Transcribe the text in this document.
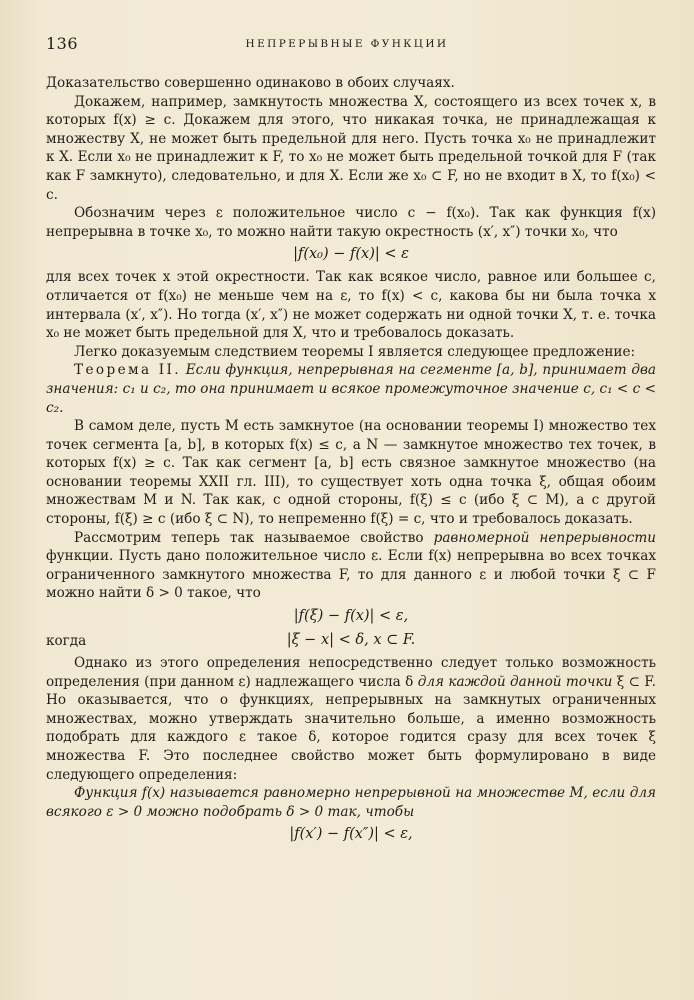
136	НЕПРЕРЫВНЫЕ ФУНКЦИИ

Доказательство совершенно одинаково в обоих случаях.

Докажем, например, замкнутость множества X, состоящего из всех точек x, в которых f(x) ≥ c. Докажем для этого, что никакая точка, не принадлежащая к множеству X, не может быть предельной для него. Пусть точка x₀ не принадлежит к X. Если x₀ не принадлежит к F, то x₀ не может быть предельной точкой для F (так как F замкнуто), следовательно, и для X. Если же x₀ ⊂ F, но не входит в X, то f(x₀) < c.

Обозначим через ε положительное число c − f(x₀). Так как функция f(x) непрерывна в точке x₀, то можно найти такую окрестность (x′, x″) точки x₀, что

|f(x₀) − f(x)| < ε

для всех точек x этой окрестности. Так как всякое число, равное или большее c, отличается от f(x₀) не меньше чем на ε, то f(x) < c, какова бы ни была точка x интервала (x′, x″). Но тогда (x′, x″) не может содержать ни одной точки X, т. е. точка x₀ не может быть предельной для X, что и требовалось доказать.

Легко доказуемым следствием теоремы I является следующее предложение:

Теорема II. Если функция, непрерывная на сегменте [a, b], принимает два значения: c₁ и c₂, то она принимает и всякое промежуточное значение c, c₁ < c < c₂.

В самом деле, пусть M есть замкнутое (на основании теоремы I) множество тех точек сегмента [a, b], в которых f(x) ≤ c, а N — замкнутое множество тех точек, в которых f(x) ≥ c. Так как сегмент [a, b] есть связное замкнутое множество (на основании теоремы XXII гл. III), то существует хоть одна точка ξ, общая обоим множествам M и N. Так как, с одной стороны, f(ξ) ≤ c (ибо ξ ⊂ M), а с другой стороны, f(ξ) ≥ c (ибо ξ ⊂ N), то непременно f(ξ) = c, что и требовалось доказать.

Рассмотрим теперь так называемое свойство равномерной непрерывности функции. Пусть дано положительное число ε. Если f(x) непрерывна во всех точках ограниченного замкнутого множества F, то для данного ε и любой точки ξ ⊂ F можно найти δ > 0 такое, что

|f(ξ) − f(x)| < ε,

когда	|ξ − x| < δ, x ⊂ F.

Однако из этого определения непосредственно следует только возможность определения (при данном ε) надлежащего числа δ для каждой данной точки ξ ⊂ F. Но оказывается, что о функциях, непрерывных на замкнутых ограниченных множествах, можно утверждать значительно больше, а именно возможность подобрать для каждого ε такое δ, которое годится сразу для всех точек ξ множества F. Это последнее свойство может быть формулировано в виде следующего определения:

Функция f(x) называется равномерно непрерывной на множестве M, если для всякого ε > 0 можно подобрать δ > 0 так, чтобы

|f(x′) − f(x″)| < ε,
